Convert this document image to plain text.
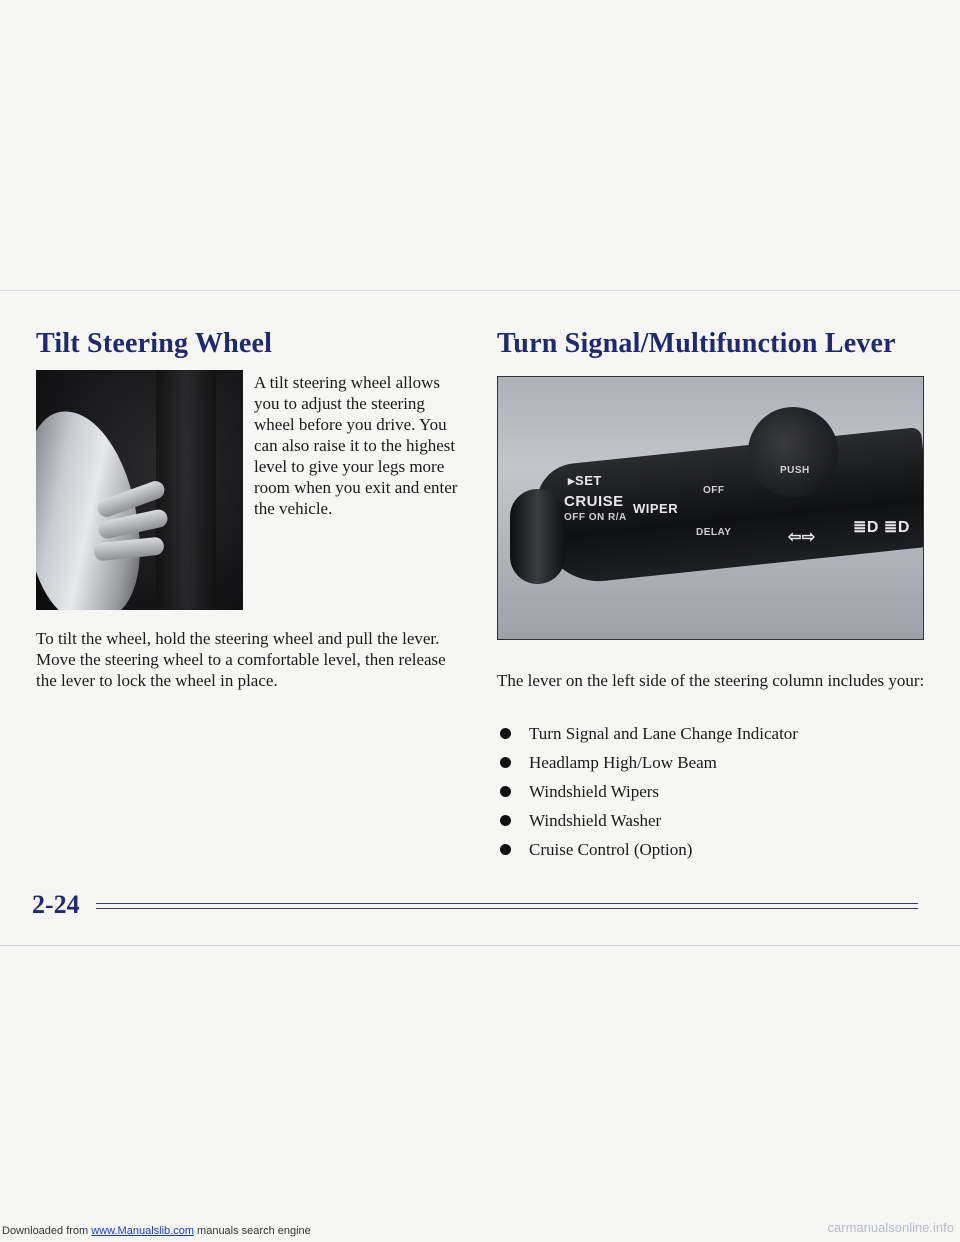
Tilt Steering Wheel
A tilt steering wheel allows you to adjust the steering wheel before you drive. You can also raise it to the highest level to give your legs more room when you exit and enter the vehicle.
To tilt the wheel, hold the steering wheel and pull the lever. Move the steering wheel to a comfortable level, then release the lever to lock the wheel in place.
Turn Signal/Multifunction Lever
▸SET
CRUISE
OFF ON R/A
WIPER
OFF
PUSH
DELAY	⇦⇨
≣D ≣D
The lever on the left side of the steering column includes your:
Turn Signal and Lane Change Indicator
Headlamp High/Low Beam
Windshield Wipers
Windshield Washer
Cruise Control (Option)
2-24
Downloaded from www.Manualslib.com manuals search engine	carmanualsonline.info
